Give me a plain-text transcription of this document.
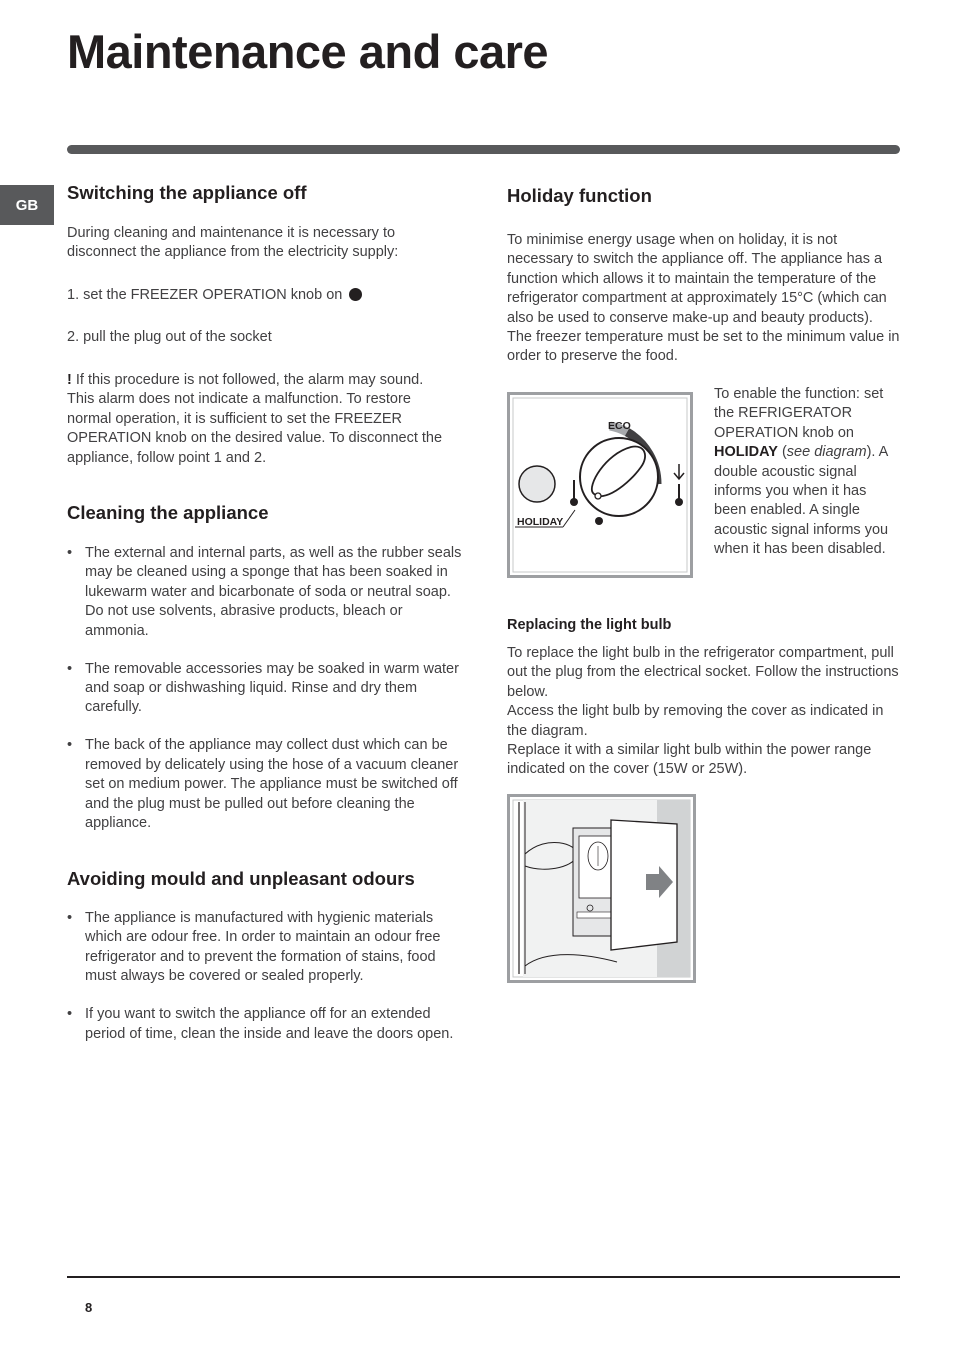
Maintenance and care
GB
Switching the appliance off

During cleaning and maintenance it is necessary to disconnect the appliance from the electricity supply:

1. set the FREEZER OPERATION knob on

2. pull the plug out of the socket

! If this procedure is not followed, the alarm may sound. This alarm does not indicate a malfunction. To restore normal operation, it is sufficient to set the FREEZER OPERATION knob on the desired value. To disconnect the appliance, follow point 1 and 2.

Cleaning the appliance
• The external and internal parts, as well as the rubber seals may be cleaned using a sponge that has been soaked in lukewarm water and bicarbonate of soda or neutral soap. Do not use solvents, abrasive products, bleach or ammonia.
• The removable accessories may be soaked in warm water and soap or dishwashing liquid. Rinse and dry them carefully.
• The back of the appliance may collect dust which can be removed by delicately using the hose of a vacuum cleaner set on medium power. The appliance must be switched off and the plug must be pulled out before cleaning the appliance.
Avoiding mould and unpleasant odours
• The appliance is manufactured with hygienic materials which are odour free. In order to maintain an odour free refrigerator and to prevent the formation of stains, food must always be covered or sealed properly.
• If you want to switch the appliance off for an extended period of time, clean the inside and leave the doors open.
Holiday function

To minimise energy usage when on holiday, it is not necessary to switch the appliance off. The appliance has a function which allows it to maintain the temperature of the refrigerator compartment at approximately 15°C (which can also be used to conserve make-up and beauty products). The freezer temperature must be set to the minimum value in order to preserve the food.

ECO
HOLIDAY

To enable the function: set the REFRIGERATOR OPERATION knob on HOLIDAY (see diagram). A double acoustic signal informs you when it has been enabled. A single acoustic signal informs you when it has been disabled.

Replacing the light bulb
To replace the light bulb in the refrigerator compartment, pull out the plug from the electrical socket. Follow the instructions below.
Access the light bulb by removing the cover as indicated in the diagram.
Replace it with a similar light bulb within the power range indicated on the cover (15W or 25W).
8
